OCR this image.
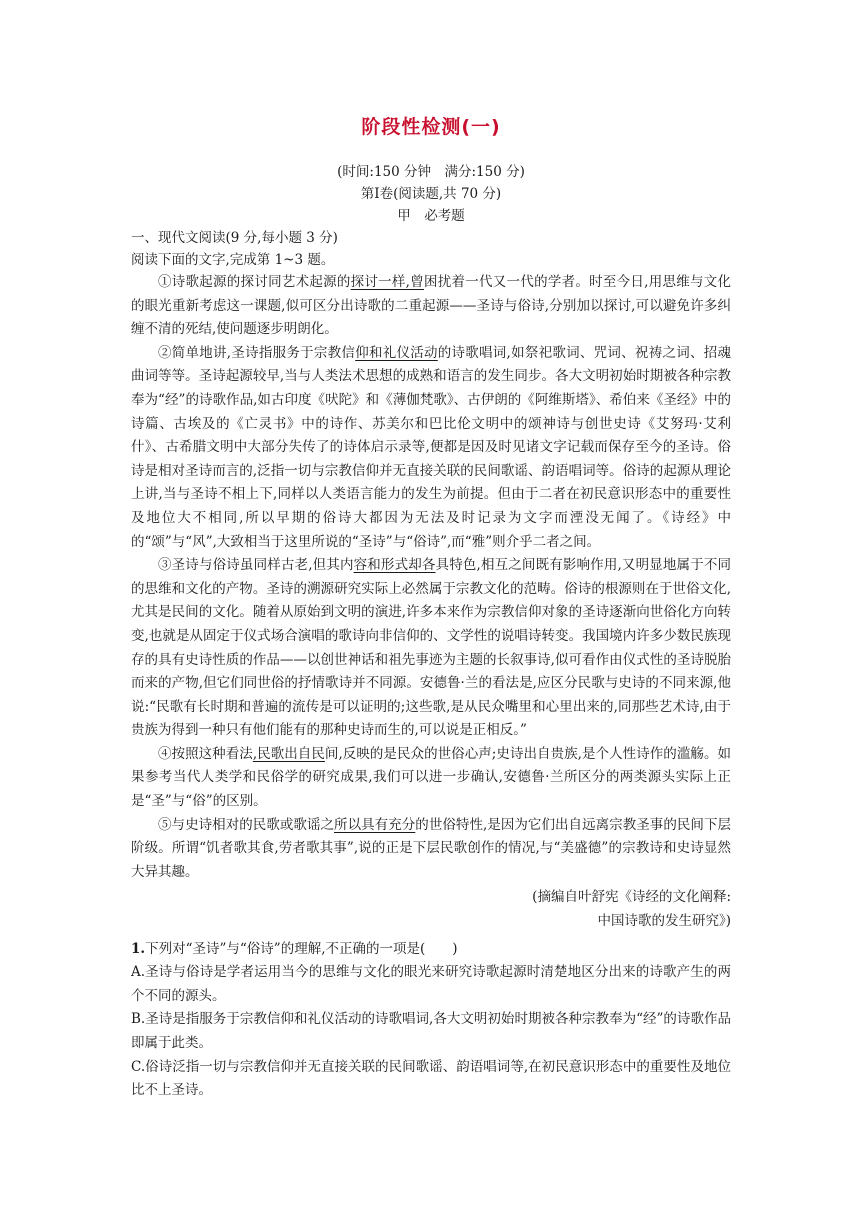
阶段性检测(一)

(时间:150 分钟　满分:150 分)

第Ⅰ卷(阅读题,共 70 分)

甲　必考题

一、现代文阅读(9 分,每小题 3 分)

阅读下面的文字,完成第 1~3 题。

①诗歌起源的探讨同艺术起源的探讨一样,曾困扰着一代又一代的学者。时至今日,用思维与文化的眼光重新考虑这一课题,似可区分出诗歌的二重起源——圣诗与俗诗,分别加以探讨,可以避免许多纠缠不清的死结,使问题逐步明朗化。

②简单地讲,圣诗指服务于宗教信仰和礼仪活动的诗歌唱词,如祭祀歌词、咒词、祝祷之词、招魂曲词等等。圣诗起源较早,当与人类法术思想的成熟和语言的发生同步。各大文明初始时期被各种宗教奉为“经”的诗歌作品,如古印度《吠陀》和《薄伽梵歌》、古伊朗的《阿维斯塔》、希伯来《圣经》中的诗篇、古埃及的《亡灵书》中的诗作、苏美尔和巴比伦文明中的颂神诗与创世史诗《艾努玛·艾利什》、古希腊文明中大部分失传了的诗体启示录等,便都是因及时见诸文字记载而保存至今的圣诗。俗诗是相对圣诗而言的,泛指一切与宗教信仰并无直接关联的民间歌谣、韵语唱词等。俗诗的起源从理论上讲,当与圣诗不相上下,同样以人类语言能力的发生为前提。但由于二者在初民意识形态中的重要性及地位大不相同,所以早期的俗诗大都因为无法及时记录为文字而湮没无闻了。《诗经》中的“颂”与“风”,大致相当于这里所说的“圣诗”与“俗诗”,而“雅”则介乎二者之间。

③圣诗与俗诗虽同样古老,但其内容和形式却各具特色,相互之间既有影响作用,又明显地属于不同的思维和文化的产物。圣诗的溯源研究实际上必然属于宗教文化的范畴。俗诗的根源则在于世俗文化,尤其是民间的文化。随着从原始到文明的演进,许多本来作为宗教信仰对象的圣诗逐渐向世俗化方向转变,也就是从固定于仪式场合演唱的歌诗向非信仰的、文学性的说唱诗转变。我国境内许多少数民族现存的具有史诗性质的作品——以创世神话和祖先事迹为主题的长叙事诗,似可看作由仪式性的圣诗脱胎而来的产物,但它们同世俗的抒情歌诗并不同源。安德鲁·兰的看法是,应区分民歌与史诗的不同来源,他说:“民歌有长时期和普遍的流传是可以证明的;这些歌,是从民众嘴里和心里出来的,同那些艺术诗,由于贵族为得到一种只有他们能有的那种史诗而生的,可以说是正相反。”

④按照这种看法,民歌出自民间,反映的是民众的世俗心声;史诗出自贵族,是个人性诗作的滥觞。如果参考当代人类学和民俗学的研究成果,我们可以进一步确认,安德鲁·兰所区分的两类源头实际上正是“圣”与“俗”的区别。

⑤与史诗相对的民歌或歌谣之所以具有充分的世俗特性,是因为它们出自远离宗教圣事的民间下层阶级。所谓“饥者歌其食,劳者歌其事”,说的正是下层民歌创作的情况,与“美盛德”的宗教诗和史诗显然大异其趣。

(摘编自叶舒宪《诗经的文化阐释:
中国诗歌的发生研究》)

1.下列对“圣诗”与“俗诗”的理解,不正确的一项是(　　)

A.圣诗与俗诗是学者运用当今的思维与文化的眼光来研究诗歌起源时清楚地区分出来的诗歌产生的两个不同的源头。

B.圣诗是指服务于宗教信仰和礼仪活动的诗歌唱词,各大文明初始时期被各种宗教奉为“经”的诗歌作品即属于此类。

C.俗诗泛指一切与宗教信仰并无直接关联的民间歌谣、韵语唱词等,在初民意识形态中的重要性及地位比不上圣诗。
